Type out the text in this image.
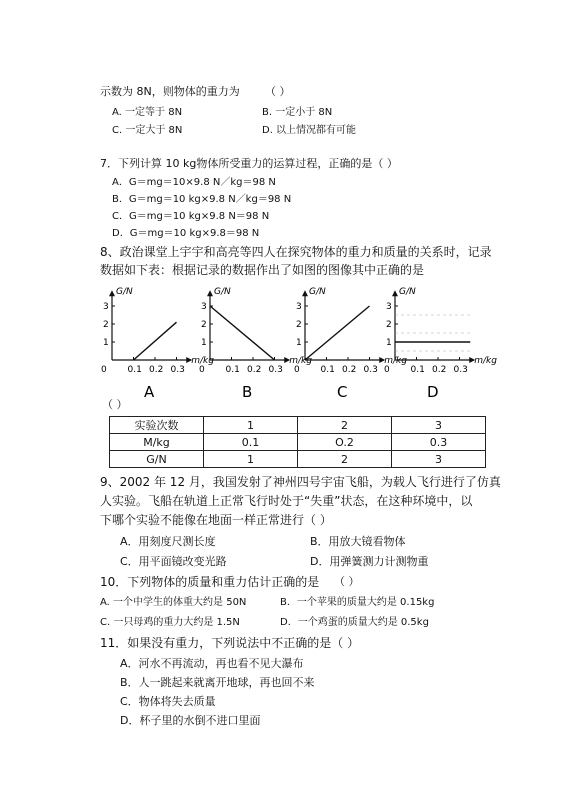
示数为 8N，则物体的重力为 （ ）
A. 一定等于 8N	B. 一定小于 8N
C. 一定大于 8N	D. 以上情况都有可能
7．下列计算 10 kg物体所受重力的运算过程，正确的是（ ）
A．G＝mg＝10×9.8 N／kg＝98 N
B．G＝mg＝10 kg×9.8 N／kg＝98 N
C．G＝mg＝10 kg×9.8 N＝98 N
D．G＝mg＝10 kg×9.8＝98 N
8、政治课堂上宇宇和高亮等四人在探究物体的重力和质量的关系时，记录
数据如下表：根据记录的数据作出了如图的图像其中正确的是
G/N
m/kg
1
2
3
0 0.1 0.2 0.3
A
G/N
m/kg
1
2
3
0 0.1 0.2 0.3
B
G/N
m/kg
1
2
3
0 0.1 0.2 0.3
C
G/N
m/kg
1
2
3
0 0.1 0.2 0.3
D
（ ）
实验次数	1	2	3
M/kg	0.1	O.2	0.3
G/N	1	2	3
9、2002 年 12 月，我国发射了神州四号宇宙飞船，为载人飞行进行了仿真
人实验。飞船在轨道上正常飞行时处于“失重”状态，在这种环境中，以
下哪个实验不能像在地面一样正常进行（ ）
A．用刻度尺测长度	B．用放大镜看物体
C．用平面镜改变光路	D．用弹簧测力计测物重
10．下列物体的质量和重力估计正确的是 （ ）
A. 一个中学生的体重大约是 50N	B．一个苹果的质量大约是 0.15kg
C. 一只母鸡的重力大约是 1.5N	D．一个鸡蛋的质量大约是 0.5kg
11．如果没有重力，下列说法中不正确的是（ ）
A．河水不再流动，再也看不见大瀑布
B．人一跳起来就离开地球，再也回不来
C．物体将失去质量
D．杯子里的水倒不进口里面
